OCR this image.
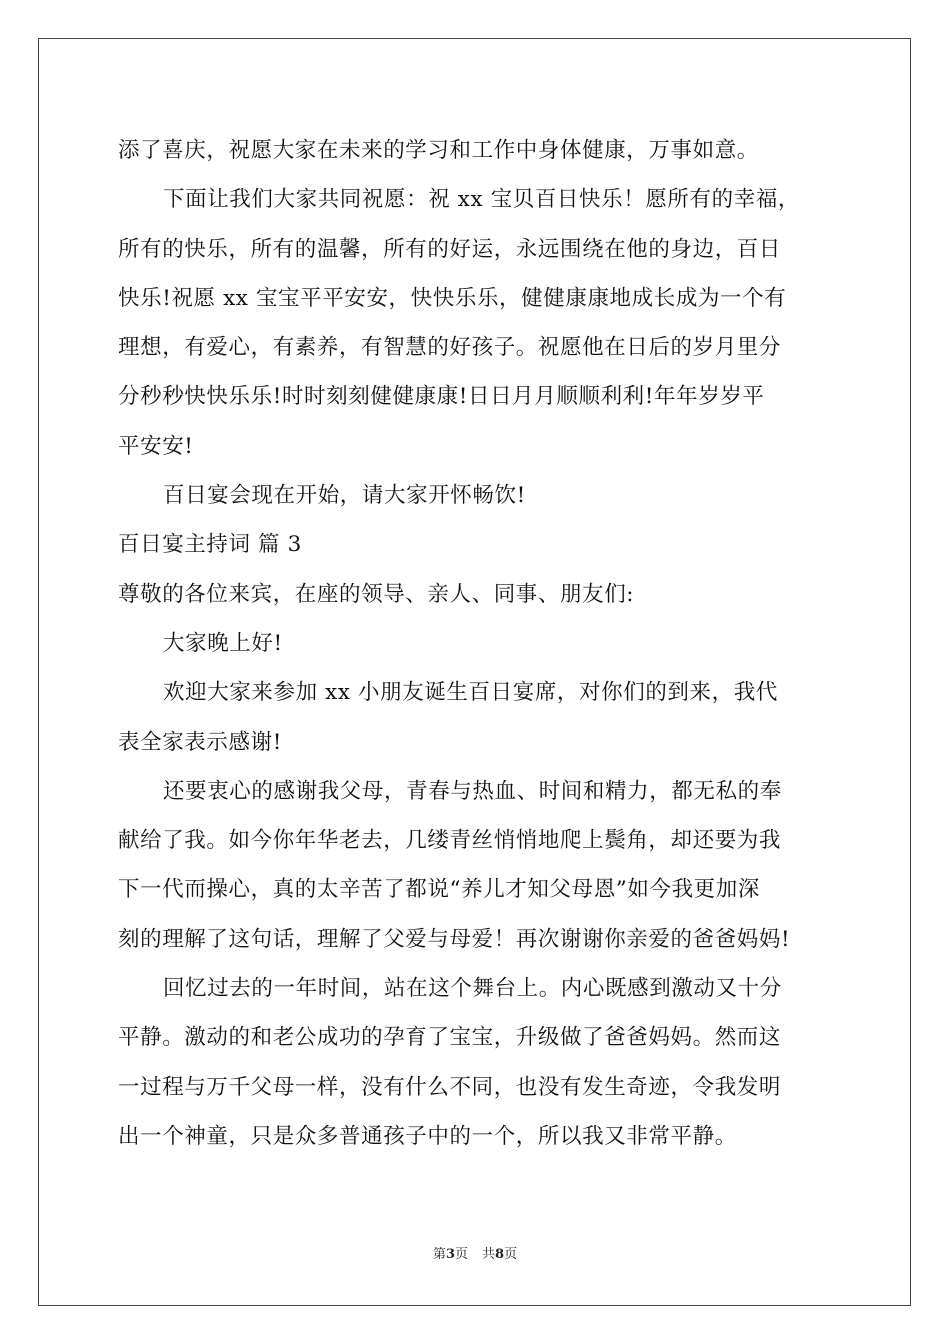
添了喜庆，祝愿大家在未来的学习和工作中身体健康，万事如意。
下面让我们大家共同祝愿：祝 xx 宝贝百日快乐！愿所有的幸福，
所有的快乐，所有的温馨，所有的好运，永远围绕在他的身边，百日
快乐!祝愿 xx 宝宝平平安安，快快乐乐，健健康康地成长成为一个有
理想，有爱心，有素养，有智慧的好孩子。祝愿他在日后的岁月里分
分秒秒快快乐乐!时时刻刻健健康康!日日月月顺顺利利!年年岁岁平
平安安!
百日宴会现在开始，请大家开怀畅饮!
百日宴主持词 篇 3
尊敬的各位来宾，在座的领导、亲人、同事、朋友们:
大家晚上好!
欢迎大家来参加 xx 小朋友诞生百日宴席，对你们的到来，我代
表全家表示感谢!
还要衷心的感谢我父母，青春与热血、时间和精力，都无私的奉
献给了我。如今你年华老去，几缕青丝悄悄地爬上鬓角，却还要为我
下一代而操心，真的太辛苦了都说“养儿才知父母恩”如今我更加深
刻的理解了这句话，理解了父爱与母爱！再次谢谢你亲爱的爸爸妈妈!
回忆过去的一年时间，站在这个舞台上。内心既感到激动又十分
平静。激动的和老公成功的孕育了宝宝，升级做了爸爸妈妈。然而这
一过程与万千父母一样，没有什么不同，也没有发生奇迹，令我发明
出一个神童，只是众多普通孩子中的一个，所以我又非常平静。
第3页 共8页
